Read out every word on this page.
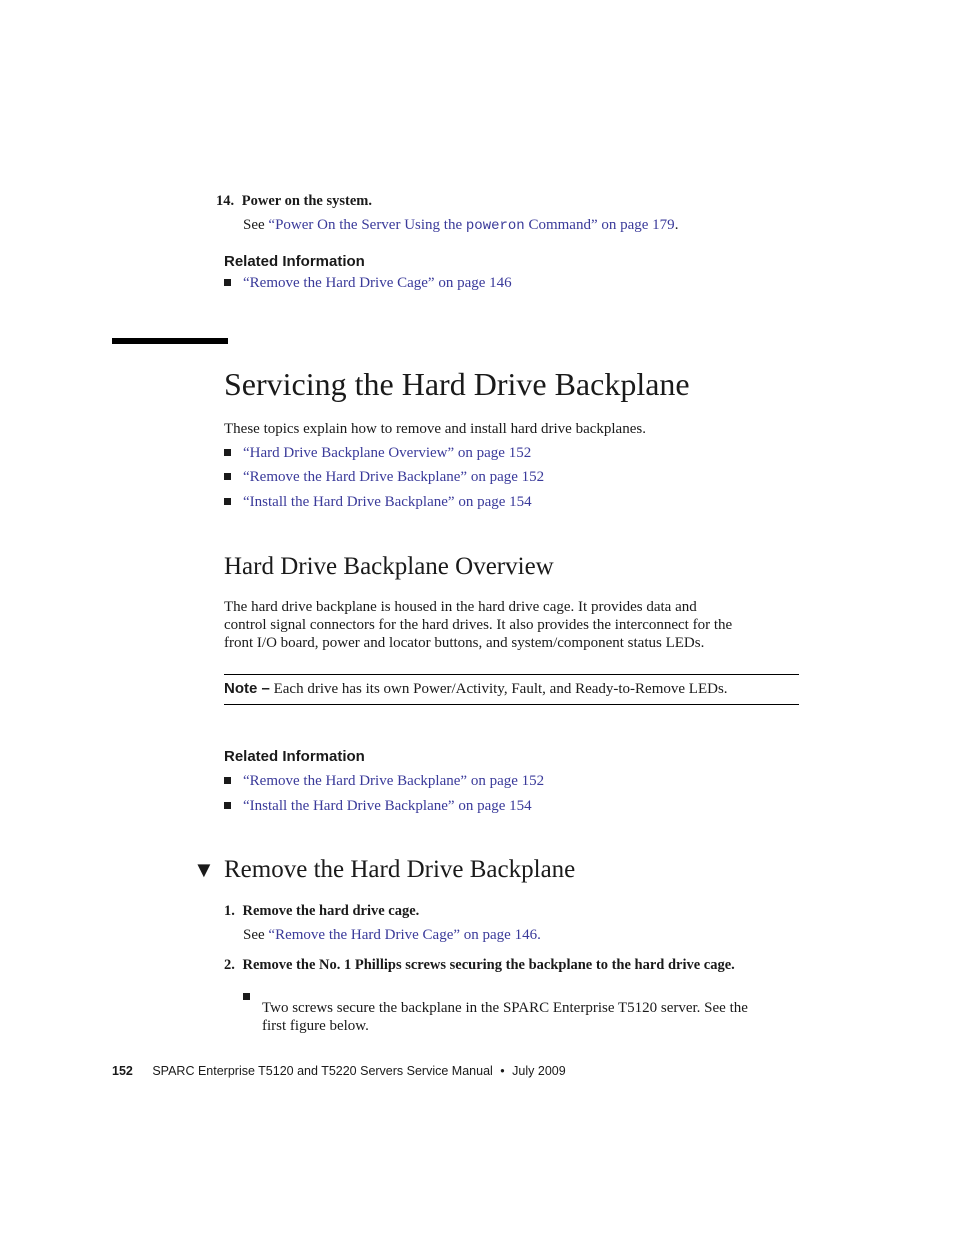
14. Power on the system.
See “Power On the Server Using the poweron Command” on page 179.
Related Information
“Remove the Hard Drive Cage” on page 146
Servicing the Hard Drive Backplane
These topics explain how to remove and install hard drive backplanes.
“Hard Drive Backplane Overview” on page 152
“Remove the Hard Drive Backplane” on page 152
“Install the Hard Drive Backplane” on page 154
Hard Drive Backplane Overview
The hard drive backplane is housed in the hard drive cage. It provides data and
control signal connectors for the hard drives. It also provides the interconnect for the
front I/O board, power and locator buttons, and system/component status LEDs.
Note – Each drive has its own Power/Activity, Fault, and Ready-to-Remove LEDs.
Related Information
“Remove the Hard Drive Backplane” on page 152
“Install the Hard Drive Backplane” on page 154
▼ Remove the Hard Drive Backplane
1. Remove the hard drive cage.
See “Remove the Hard Drive Cage” on page 146.
2. Remove the No. 1 Phillips screws securing the backplane to the hard drive cage.
Two screws secure the backplane in the SPARC Enterprise T5120 server. See the
first figure below.
152 SPARC Enterprise T5120 and T5220 Servers Service Manual • July 2009
